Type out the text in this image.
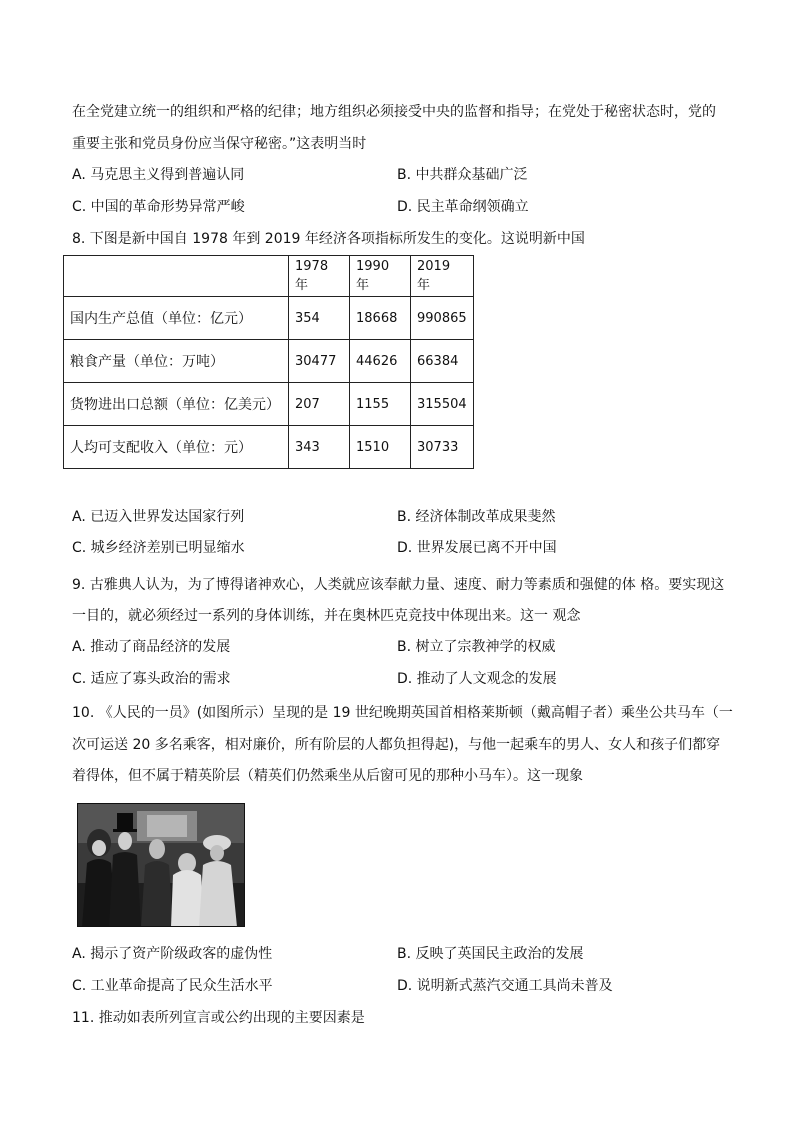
在全党建立统一的组织和严格的纪律；地方组织必须接受中央的监督和指导；在党处于秘密状态时，党的
重要主张和党员身份应当保守秘密。”这表明当时
A. 马克思主义得到普遍认同	B. 中共群众基础广泛
C. 中国的革命形势异常严峻	D. 民主革命纲领确立
8. 下图是新中国自 1978 年到 2019 年经济各项指标所发生的变化。这说明新中国
	1978 年	1990 年	2019 年
国内生产总值（单位：亿元）	354	18668	990865
粮食产量（单位：万吨）	30477	44626	66384
货物进出口总额（单位：亿美元）	207	1155	315504
人均可支配收入（单位：元）	343	1510	30733
A. 已迈入世界发达国家行列	B. 经济体制改革成果斐然
C. 城乡经济差别已明显缩水	D. 世界发展已离不开中国
9. 古雅典人认为，为了博得诸神欢心，人类就应该奉献力量、速度、耐力等素质和强健的体 格。要实现这
一目的，就必须经过一系列的身体训练，并在奥林匹克竞技中体现出来。这一 观念
A. 推动了商品经济的发展	B. 树立了宗教神学的权威
C. 适应了寡头政治的需求	D. 推动了人文观念的发展
10. 《人民的一员》(如图所示）呈现的是 19 世纪晚期英国首相格莱斯顿（戴高帽子者）乘坐公共马车（一
次可运送 20 多名乘客，相对廉价，所有阶层的人都负担得起)，与他一起乘车的男人、女人和孩子们都穿
着得体，但不属于精英阶层（精英们仍然乘坐从后窗可见的那种小马车）。这一现象
A. 揭示了资产阶级政客的虚伪性	B. 反映了英国民主政治的发展
C. 工业革命提高了民众生活水平	D. 说明新式蒸汽交通工具尚未普及
11. 推动如表所列宣言或公约出现的主要因素是
